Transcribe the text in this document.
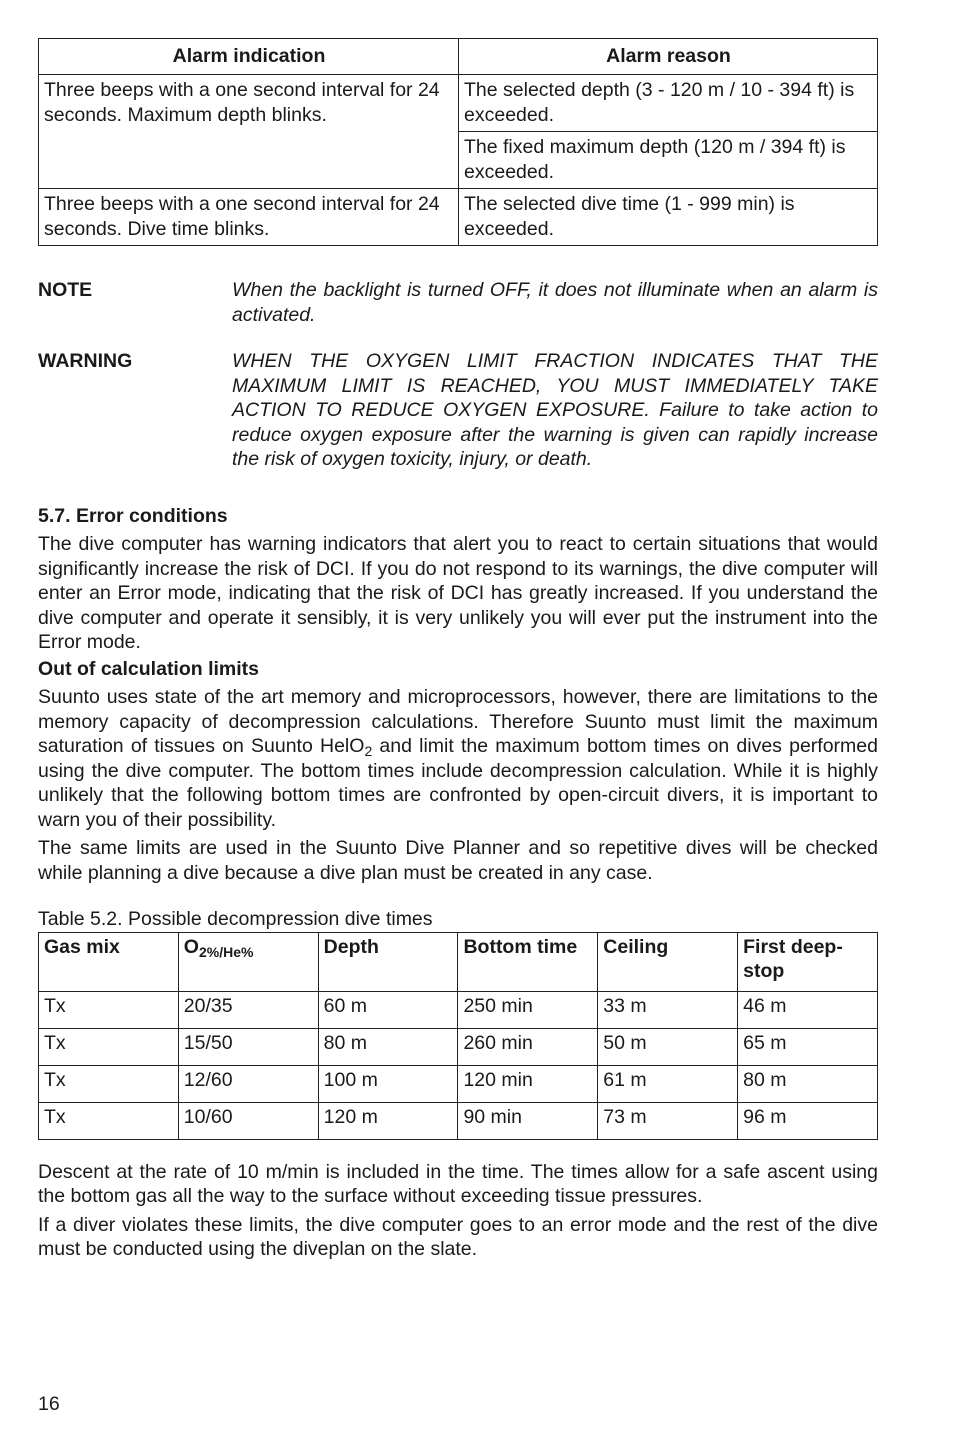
Alarm indication	Alarm reason
Three beeps with a one second interval for 24 seconds. Maximum depth blinks.	The selected depth (3 - 120 m / 10 - 394 ft) is exceeded.
	The fixed maximum depth (120 m / 394 ft) is exceeded.
Three beeps with a one second interval for 24 seconds. Dive time blinks.	The selected dive time (1 - 999 min) is exceeded.
NOTE	When the backlight is turned OFF, it does not illuminate when an alarm is activated.
WARNING	WHEN THE OXYGEN LIMIT FRACTION INDICATES THAT THE MAXIMUM LIMIT IS REACHED, YOU MUST IMMEDIATELY TAKE ACTION TO REDUCE OXYGEN EXPOSURE. Failure to take action to reduce oxygen exposure after the warning is given can rapidly increase the risk of oxygen toxicity, injury, or death.
5.7. Error conditions

The dive computer has warning indicators that alert you to react to certain situations that would significantly increase the risk of DCI. If you do not respond to its warnings, the dive computer will enter an Error mode, indicating that the risk of DCI has greatly increased. If you understand the dive computer and operate it sensibly, it is very unlikely you will ever put the instrument into the Error mode.

Out of calculation limits

Suunto uses state of the art memory and microprocessors, however, there are limitations to the memory capacity of decompression calculations. Therefore Suunto must limit the maximum saturation of tissues on Suunto HelO$_2$ and limit the maximum bottom times on dives performed using the dive computer. The bottom times include decompression calculation. While it is highly unlikely that the following bottom times are confronted by open-circuit divers, it is important to warn you of their possibility.

The same limits are used in the Suunto Dive Planner and so repetitive dives will be checked while planning a dive because a dive plan must be created in any case.

Table 5.2. Possible decompression dive times
Gas mix	$O_{2\%/He\%}$	Depth	Bottom time	Ceiling	First deep-stop
Tx	20/35	60 m	250 min	33 m	46 m
Tx	15/50	80 m	260 min	50 m	65 m
Tx	12/60	100 m	120 min	61 m	80 m
Tx	10/60	120 m	90 min	73 m	96 m

Descent at the rate of 10 m/min is included in the time. The times allow for a safe ascent using the bottom gas all the way to the surface without exceeding tissue pressures.

If a diver violates these limits, the dive computer goes to an error mode and the rest of the dive must be conducted using the diveplan on the slate.

16
